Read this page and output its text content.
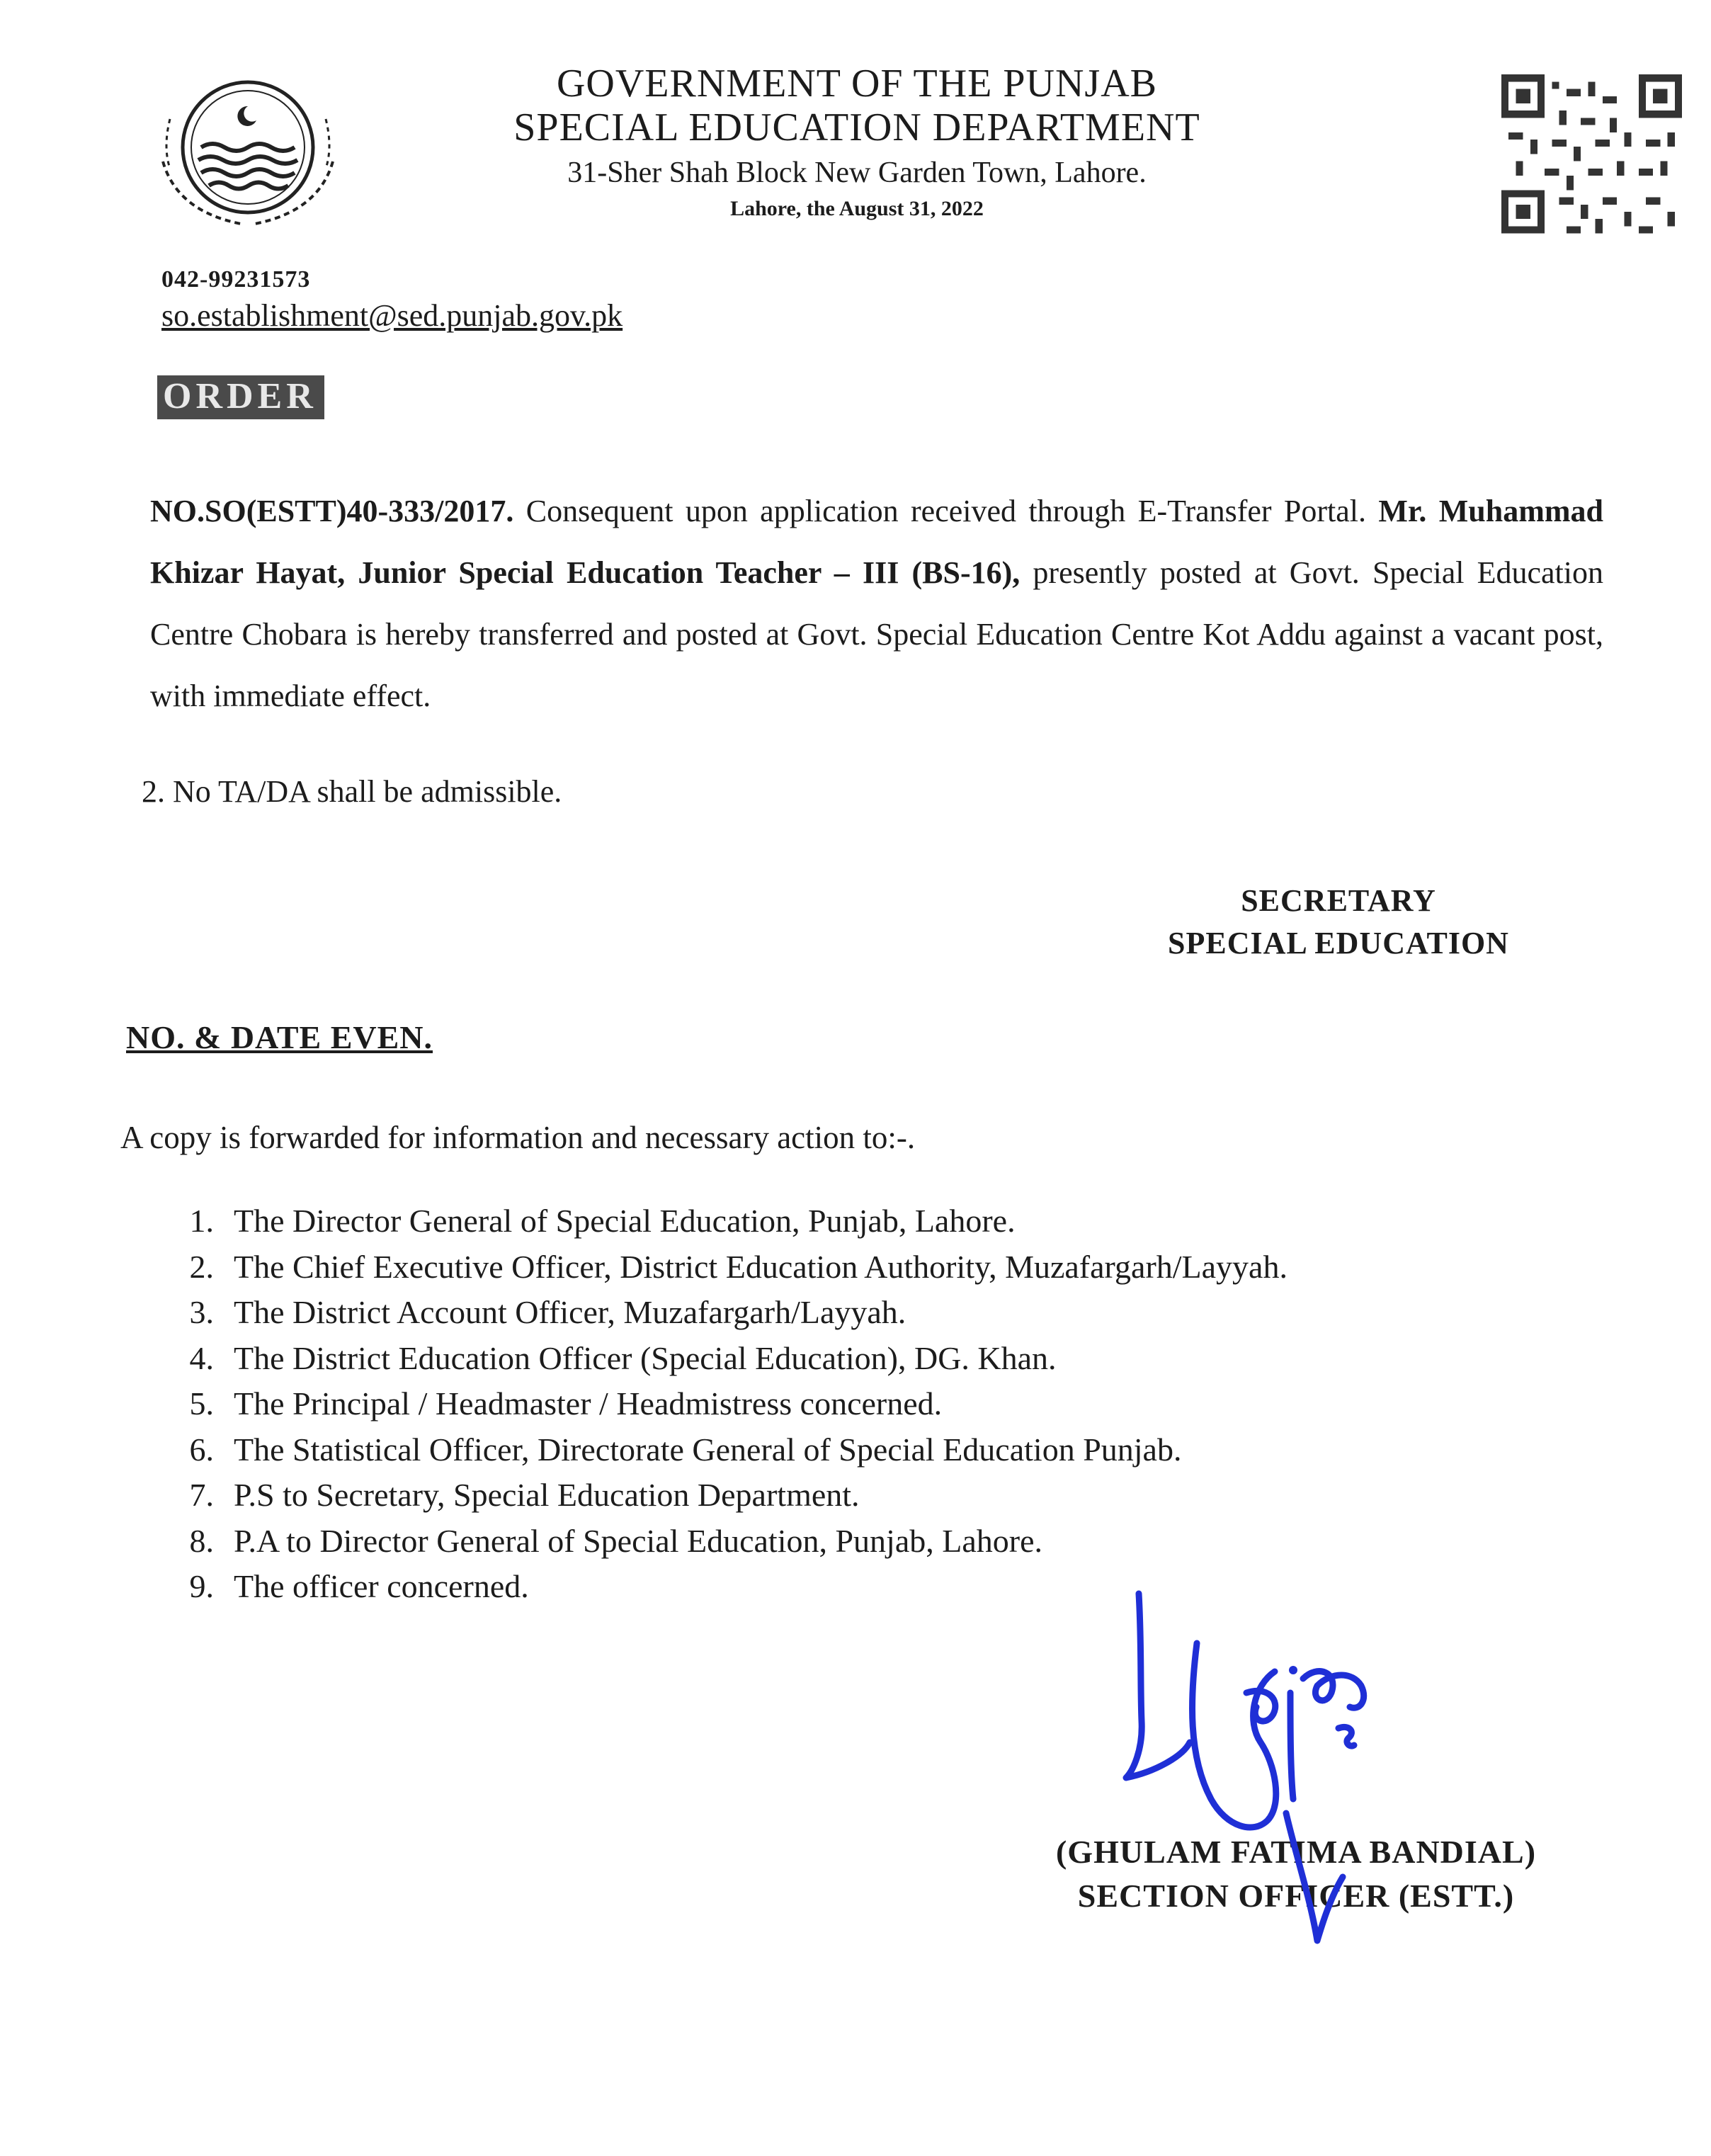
GOVERNMENT OF THE PUNJAB
SPECIAL EDUCATION DEPARTMENT
31-Sher Shah Block New Garden Town, Lahore.
Lahore, the August 31, 2022
042-99231573
so.establishment@sed.punjab.gov.pk
ORDER
NO.SO(ESTT)40-333/2017. Consequent upon application received through E-Transfer Portal. Mr. Muhammad Khizar Hayat, Junior Special Education Teacher – III (BS-16), presently posted at Govt. Special Education Centre Chobara is hereby transferred and posted at Govt. Special Education Centre Kot Addu against a vacant post, with immediate effect.
2. No TA/DA shall be admissible.
SECRETARY
SPECIAL EDUCATION
NO. & DATE EVEN.
A copy is forwarded for information and necessary action to:-.
1. The Director General of Special Education, Punjab, Lahore.
2. The Chief Executive Officer, District Education Authority, Muzafargarh/Layyah.
3. The District Account Officer, Muzafargarh/Layyah.
4. The District Education Officer (Special Education), DG. Khan.
5. The Principal / Headmaster / Headmistress concerned.
6. The Statistical Officer, Directorate General of Special Education Punjab.
7. P.S to Secretary, Special Education Department.
8. P.A to Director General of Special Education, Punjab, Lahore.
9. The officer concerned.
(GHULAM FATIMA BANDIAL)
SECTION OFFICER (ESTT.)
